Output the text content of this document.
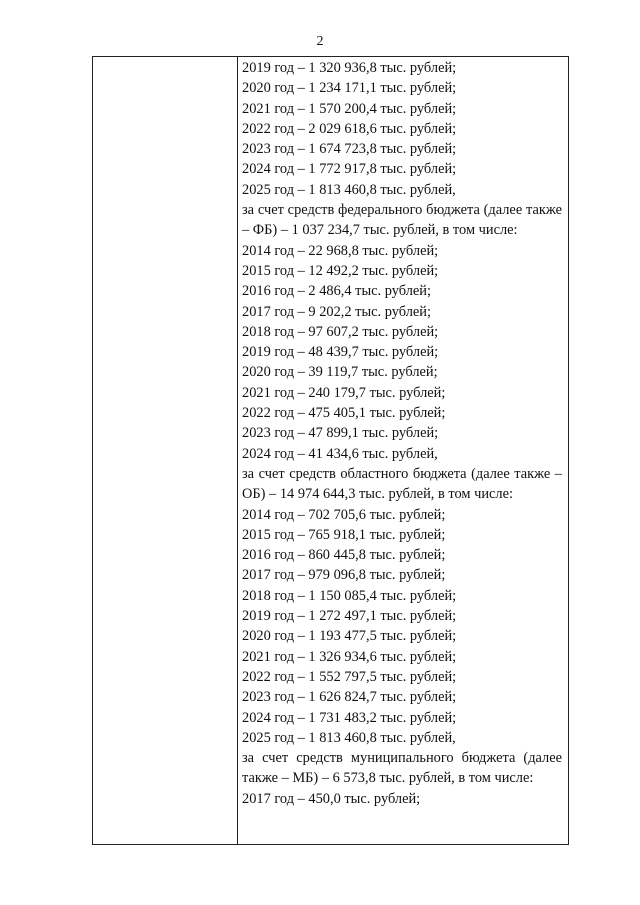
2
2019 год – 1 320 936,8 тыс. рублей;
2020 год – 1 234 171,1 тыс. рублей;
2021 год – 1 570 200,4 тыс. рублей;
2022 год – 2 029 618,6 тыс. рублей;
2023 год – 1 674 723,8 тыс. рублей;
2024 год – 1 772 917,8 тыс. рублей;
2025 год – 1 813 460,8 тыс. рублей,
за счет средств федерального бюджета (далее также – ФБ) – 1 037 234,7 тыс. рублей, в том числе:
2014 год – 22 968,8 тыс. рублей;
2015 год – 12 492,2 тыс. рублей;
2016 год – 2 486,4 тыс. рублей;
2017 год – 9 202,2 тыс. рублей;
2018 год – 97 607,2 тыс. рублей;
2019 год – 48 439,7 тыс. рублей;
2020 год – 39 119,7 тыс. рублей;
2021 год – 240 179,7 тыс. рублей;
2022 год – 475 405,1 тыс. рублей;
2023 год – 47 899,1 тыс. рублей;
2024 год – 41 434,6 тыс. рублей,
за счет средств областного бюджета (далее также – ОБ) – 14 974 644,3 тыс. рублей, в том числе:
2014 год – 702 705,6 тыс. рублей;
2015 год – 765 918,1 тыс. рублей;
2016 год – 860 445,8 тыс. рублей;
2017 год – 979 096,8 тыс. рублей;
2018 год – 1 150 085,4 тыс. рублей;
2019 год – 1 272 497,1 тыс. рублей;
2020 год – 1 193 477,5 тыс. рублей;
2021 год – 1 326 934,6 тыс. рублей;
2022 год – 1 552 797,5 тыс. рублей;
2023 год – 1 626 824,7 тыс. рублей;
2024 год – 1 731 483,2 тыс. рублей;
2025 год – 1 813 460,8 тыс. рублей,
за счет средств муниципального бюджета (далее также – МБ) – 6 573,8 тыс. рублей, в том числе:
2017 год – 450,0 тыс. рублей;
